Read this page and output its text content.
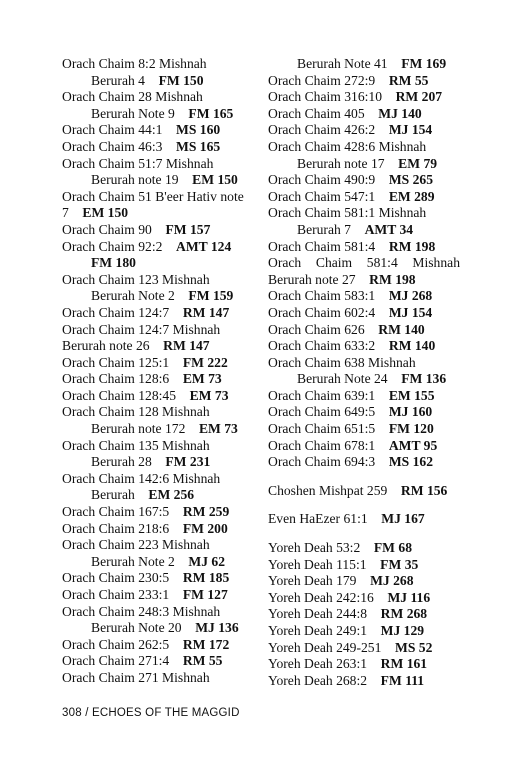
Orach Chaim 8:2 Mishnah
Berurah 4  FM 150
Orach Chaim 28 Mishnah
Berurah Note 9  FM 165
Orach Chaim 44:1  MS 160
Orach Chaim 46:3  MS 165
Orach Chaim 51:7 Mishnah
Berurah note 19  EM 150
Orach Chaim 51 B'eer Hativ note
7  EM 150
Orach Chaim 90  FM 157
Orach Chaim 92:2  AMT 124
FM 180
Orach Chaim 123 Mishnah
Berurah Note 2  FM 159
Orach Chaim 124:7  RM 147
Orach Chaim 124:7 Mishnah
Berurah note 26  RM 147
Orach Chaim 125:1  FM 222
Orach Chaim 128:6  EM 73
Orach Chaim 128:45  EM 73
Orach Chaim 128 Mishnah
Berurah note 172  EM 73
Orach Chaim 135 Mishnah
Berurah 28  FM 231
Orach Chaim 142:6 Mishnah
Berurah  EM 256
Orach Chaim 167:5  RM 259
Orach Chaim 218:6  FM 200
Orach Chaim 223 Mishnah
Berurah Note 2  MJ 62
Orach Chaim 230:5  RM 185
Orach Chaim 233:1  FM 127
Orach Chaim 248:3 Mishnah
Berurah Note 20  MJ 136
Orach Chaim 262:5  RM 172
Orach Chaim 271:4  RM 55
Orach Chaim 271 Mishnah
Berurah Note 41  FM 169
Orach Chaim 272:9  RM 55
Orach Chaim 316:10  RM 207
Orach Chaim 405  MJ 140
Orach Chaim 426:2  MJ 154
Orach Chaim 428:6 Mishnah
Berurah note 17  EM 79
Orach Chaim 490:9  MS 265
Orach Chaim 547:1  EM 289
Orach Chaim 581:1 Mishnah
Berurah 7  AMT 34
Orach Chaim 581:4  RM 198
Orach Chaim 581:4 Mishnah
Berurah note 27  RM 198
Orach Chaim 583:1  MJ 268
Orach Chaim 602:4  MJ 154
Orach Chaim 626  RM 140
Orach Chaim 633:2  RM 140
Orach Chaim 638 Mishnah
Berurah Note 24  FM 136
Orach Chaim 639:1  EM 155
Orach Chaim 649:5  MJ 160
Orach Chaim 651:5  FM 120
Orach Chaim 678:1  AMT 95
Orach Chaim 694:3  MS 162
Choshen Mishpat 259  RM 156
Even HaEzer 61:1  MJ 167
Yoreh Deah 53:2  FM 68
Yoreh Deah 115:1  FM 35
Yoreh Deah 179  MJ 268
Yoreh Deah 242:16  MJ 116
Yoreh Deah 244:8  RM 268
Yoreh Deah 249:1  MJ 129
Yoreh Deah 249-251  MS 52
Yoreh Deah 263:1  RM 161
Yoreh Deah 268:2  FM 111
308 / ECHOES OF THE MAGGID
